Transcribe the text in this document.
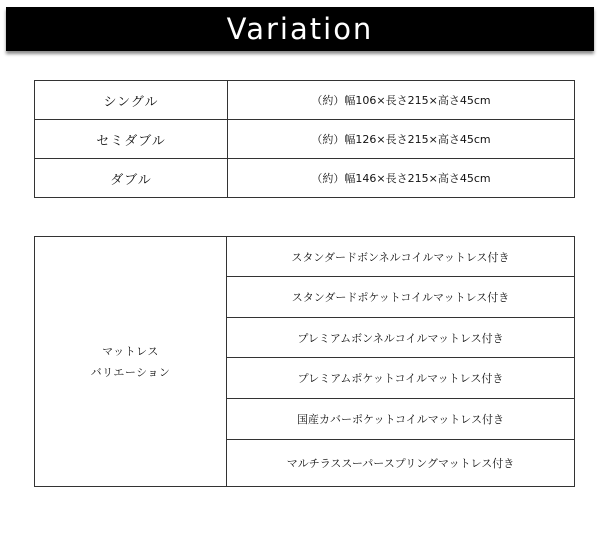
Variation
シングル	（約）幅106×長さ215×高さ45cm
セミダブル	（約）幅126×長さ215×高さ45cm
ダブル	（約）幅146×長さ215×高さ45cm
マットレス
バリエーション
	スタンダードボンネルコイルマットレス付き
スタンダードポケットコイルマットレス付き
プレミアムボンネルコイルマットレス付き
プレミアムポケットコイルマットレス付き
国産カバーポケットコイルマットレス付き
マルチラススーパースプリングマットレス付き
